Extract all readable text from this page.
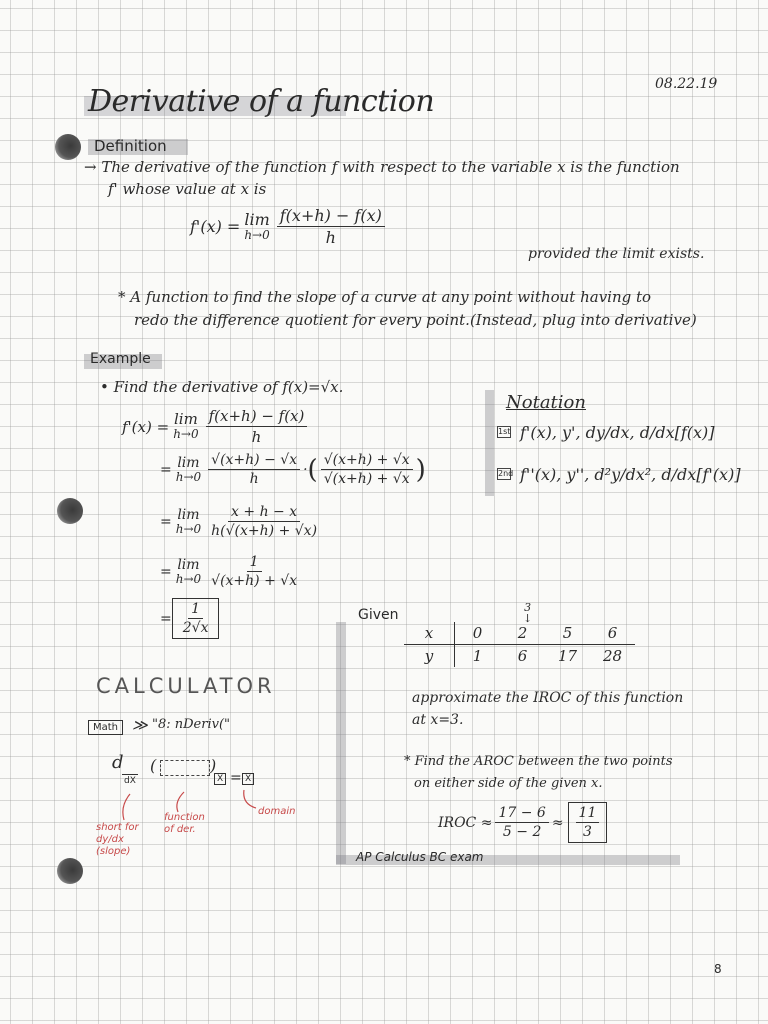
08.22.19
Derivative of a function
Definition
→ The derivative of the function f with respect to the variable x is the function
f' whose value at x is
f'(x) = lim
$h\to 0 \frac{f(x+h) - f(x)}{h}$
provided the limit exists.
* A function to find the slope of a curve at any point without having to
redo the difference quotient for every point.(Instead, plug into derivative)
Example
• Find the derivative of f(x)=√x.
f'(x) = lim
$h\to 0 \frac{f(x+h) - f(x)}{h}$
= lim
$h\to 0 \frac{√(x+h) - √x}{h}$ · ( $\frac{√(x+h) + √x}{√(x+h) + √x}$ )
= lim
$h\to 0 \frac{x + h - x}{h(√(x+h) + √x)}$
= lim
$h\to 0 \frac{1}{√(x+h) + √x}$
= $\frac{1}{2√x}$
Notation
1st f'(x), y', dy/dx, d/dx[f(x)]
2nd f''(x), y'', d²y/dx², d/dx[f'(x)]
Given	3
↓
x	0	2	5	6
y	1	6	17	28
approximate the IROC of this function
at x=3.
* Find the AROC between the two points
on either side of the given x.
IROC ≈ $\frac{17 - 6}{5 - 2} \approx \frac{11}{3}$
AP Calculus BC exam
CALCULATOR
Math ≫ "8: nDeriv("
d
dX
(	)
X = X
short for dy/dx (slope)
function of der.
domain
8
